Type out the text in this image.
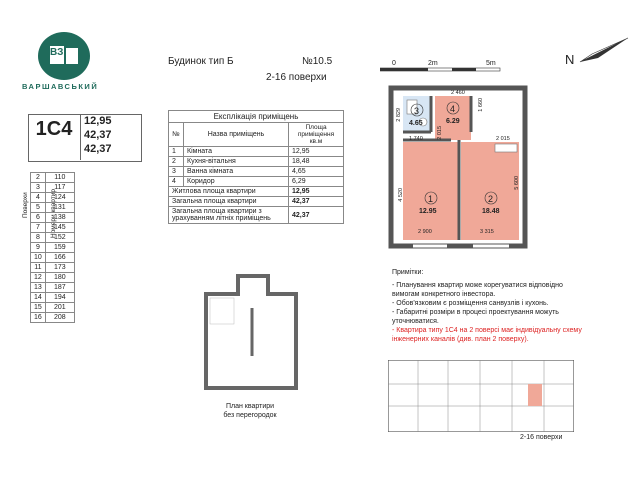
ВЗ
ВАРШАВСЬКИЙ
Будинок тип Б	№10.5
2-16 поверхи
1С4	12,95
42,37
42,37
Поверхи	Номери квартир
2	110
3	117
4	124
5	131
6	138
7	145
8	152
9	159
10	166
11	173
12	180
13	187
14	194
15	201
16	208
Експлікація приміщень		
№	Назва приміщень	Площа приміщення кв.м
1	Кімната	12,95
2	Кухня-вітальня	18,48
3	Ванна кімната	4,65
4	Коридор	6,29
Житлова площа квартири		12,95
Загальна площа квартири		42,37
Загальна площа квартири з урахуванням літніх приміщень		42,37
0	2m	5m	N
1
12.95
2
18.48
3
4.65
4
6.29
2 460
2 015
1 740
2 829
1 660
2 015
4 520
5 600
2 900	3 315
План квартири
без перегородок
Примітки:
- Планування квартир може корегуватися відповідно вимогам конкретного інвестора.
- Обов'язковим є розміщення санвузлів і кухонь.
- Габаритні розміри в процесі проектування можуть уточнюватися.
- Квартира типу 1С4 на 2 поверсі має індивідуальну схему інженерних каналів (див. план 2 поверху).
2-16 поверхи
